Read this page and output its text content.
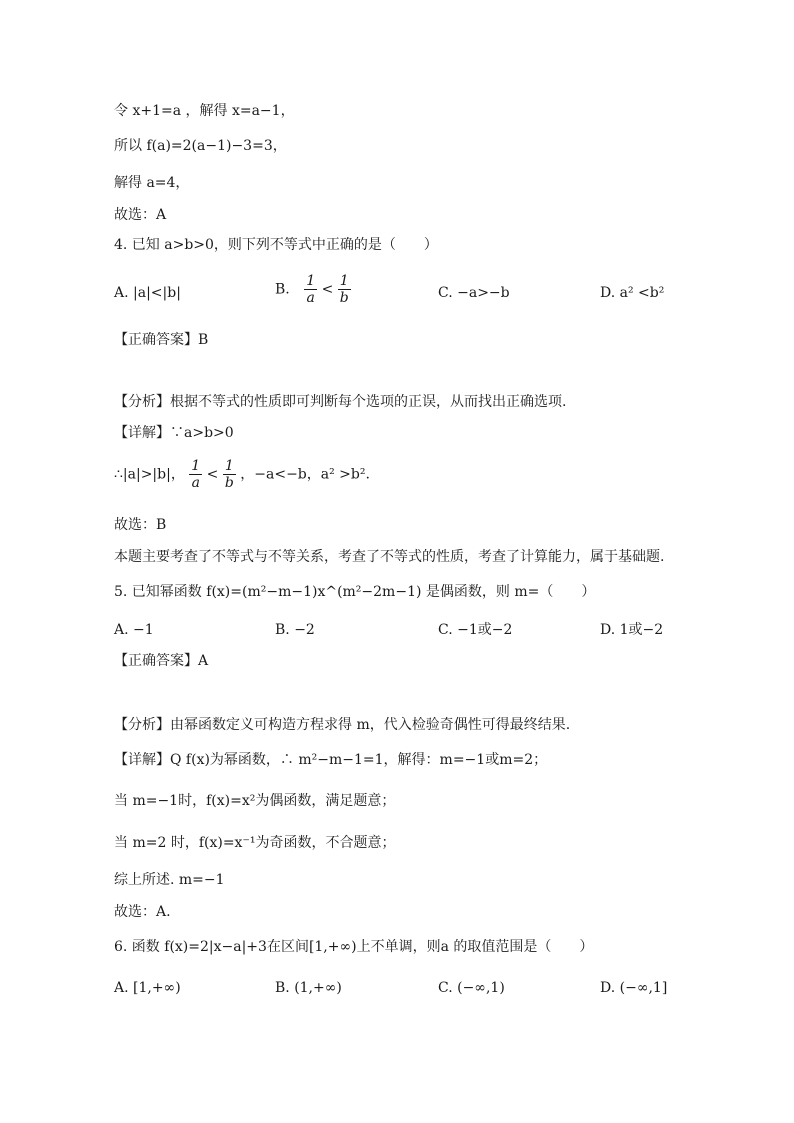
令 x+1=a ，解得 x=a−1，
所以 f(a)=2(a−1)−3=3，
解得 a=4，
故选：A
4. 已知 a>b>0，则下列不等式中正确的是（　　）
A. |a|<|b|	B. $\frac{1}{a} < \frac{1}{b}$	C. −a>−b	D. a² <b²
【正确答案】B
【分析】根据不等式的性质即可判断每个选项的正误，从而找出正确选项.
【详解】∵a>b>0
∴|a|>|b|， $\frac{1}{a} < \frac{1}{b}$ ，−a<−b，a² >b².
故选：B
本题主要考查了不等式与不等关系，考查了不等式的性质，考查了计算能力，属于基础题.
5. 已知幂函数 f(x)=(m²−m−1)x^(m²−2m−1) 是偶函数，则 m=（　　）
A. −1	B. −2	C. −1或−2	D. 1或−2
【正确答案】A
【分析】由幂函数定义可构造方程求得 m，代入检验奇偶性可得最终结果.
【详解】Q f(x)为幂函数，∴ m²−m−1=1，解得：m=−1或m=2；
当 m=−1时，f(x)=x²为偶函数，满足题意；
当 m=2 时，f(x)=x⁻¹为奇函数，不合题意；
综上所述. m=−1
故选：A.
6. 函数 f(x)=2|x−a|+3在区间[1,+∞)上不单调，则a 的取值范围是（　　）
A. [1,+∞)	B. (1,+∞)	C. (−∞,1)	D. (−∞,1]
